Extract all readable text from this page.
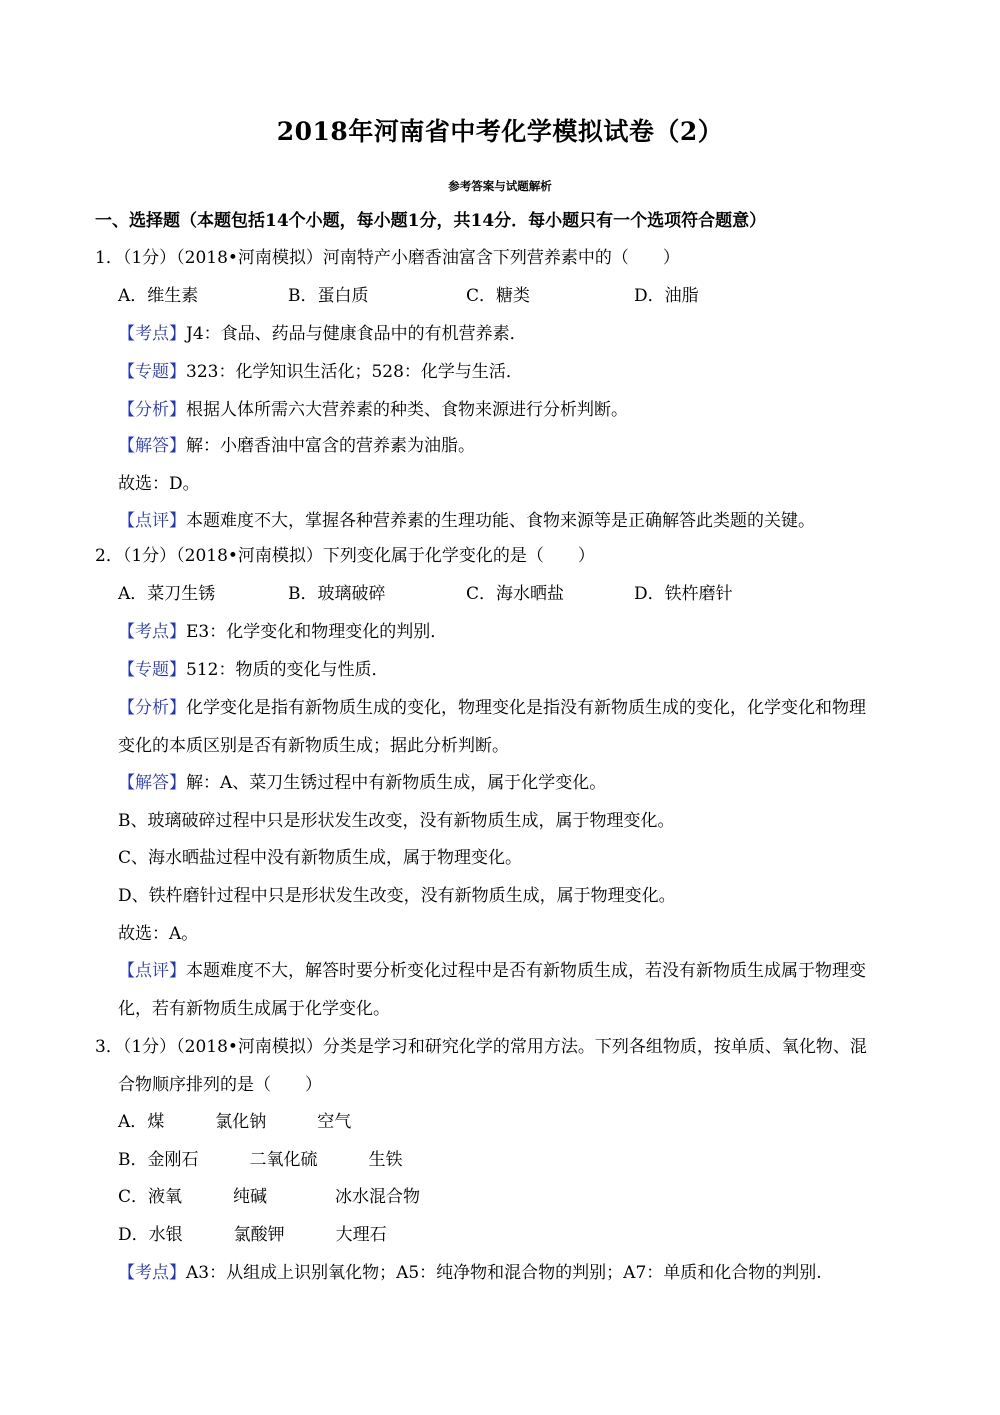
2018年河南省中考化学模拟试卷（2）
参考答案与试题解析
一、选择题（本题包括14个小题，每小题1分，共14分．每小题只有一个选项符合题意）
1．（1分）（2018•河南模拟）河南特产小磨香油富含下列营养素中的（　　）
A．维生素	B．蛋白质	C．糖类	D．油脂
【考点】J4：食品、药品与健康食品中的有机营养素．
【专题】323：化学知识生活化；528：化学与生活．
【分析】根据人体所需六大营养素的种类、食物来源进行分析判断。
【解答】解：小磨香油中富含的营养素为油脂。
故选：D。
【点评】本题难度不大，掌握各种营养素的生理功能、食物来源等是正确解答此类题的关键。
2．（1分）（2018•河南模拟）下列变化属于化学变化的是（　　）
A．菜刀生锈	B．玻璃破碎	C．海水晒盐	D．铁杵磨针
【考点】E3：化学变化和物理变化的判别．
【专题】512：物质的变化与性质．
【分析】化学变化是指有新物质生成的变化，物理变化是指没有新物质生成的变化，化学变化和物理
变化的本质区别是否有新物质生成；据此分析判断。
【解答】解：A、菜刀生锈过程中有新物质生成，属于化学变化。
B、玻璃破碎过程中只是形状发生改变，没有新物质生成，属于物理变化。
C、海水晒盐过程中没有新物质生成，属于物理变化。
D、铁杵磨针过程中只是形状发生改变，没有新物质生成，属于物理变化。
故选：A。
【点评】本题难度不大，解答时要分析变化过程中是否有新物质生成，若没有新物质生成属于物理变
化，若有新物质生成属于化学变化。
3．（1分）（2018•河南模拟）分类是学习和研究化学的常用方法。下列各组物质，按单质、氧化物、混
合物顺序排列的是（　　）
A．煤　　　氯化钠　　　空气
B．金刚石　　　二氧化硫　　　生铁
C．液氧　　　纯碱　　　　冰水混合物
D．水银　　　氯酸钾　　　大理石
【考点】A3：从组成上识别氧化物；A5：纯净物和混合物的判别；A7：单质和化合物的判别.
